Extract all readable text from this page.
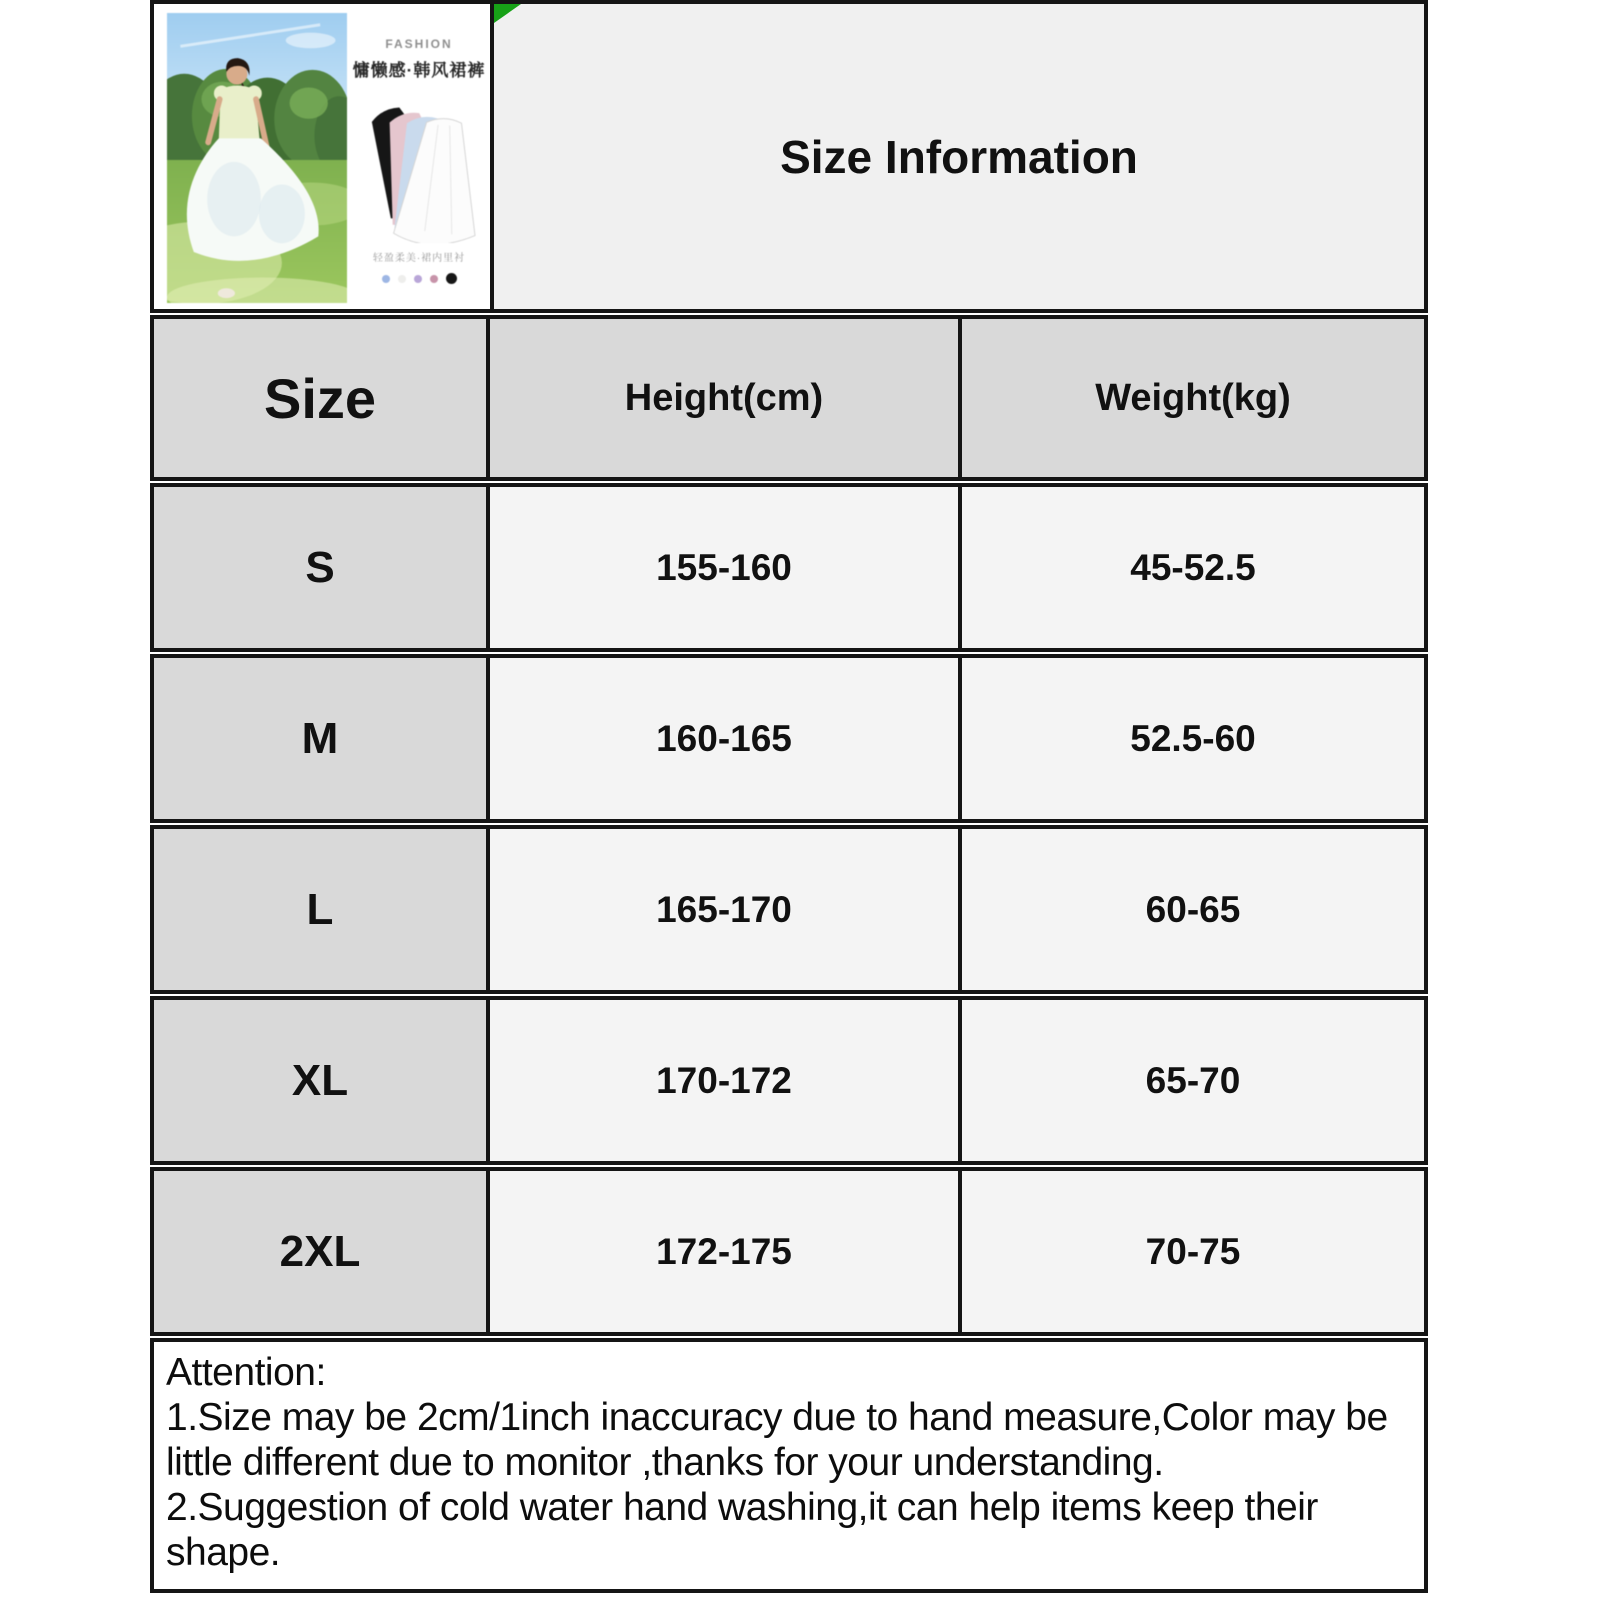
FASHION
慵懒感·韩风裙裤
轻盈柔美·裙内里衬
Size Information
Size	Height(cm)	Weight(kg)
S	155-160	45-52.5
M	160-165	52.5-60
L	165-170	60-65
XL	170-172	65-70
2XL	172-175	70-75

Attention:

1.Size may be 2cm/1inch inaccuracy due to hand measure,Color may be little different due to monitor ,thanks for your understanding.

2.Suggestion of cold water hand washing,it can help items keep their shape.
